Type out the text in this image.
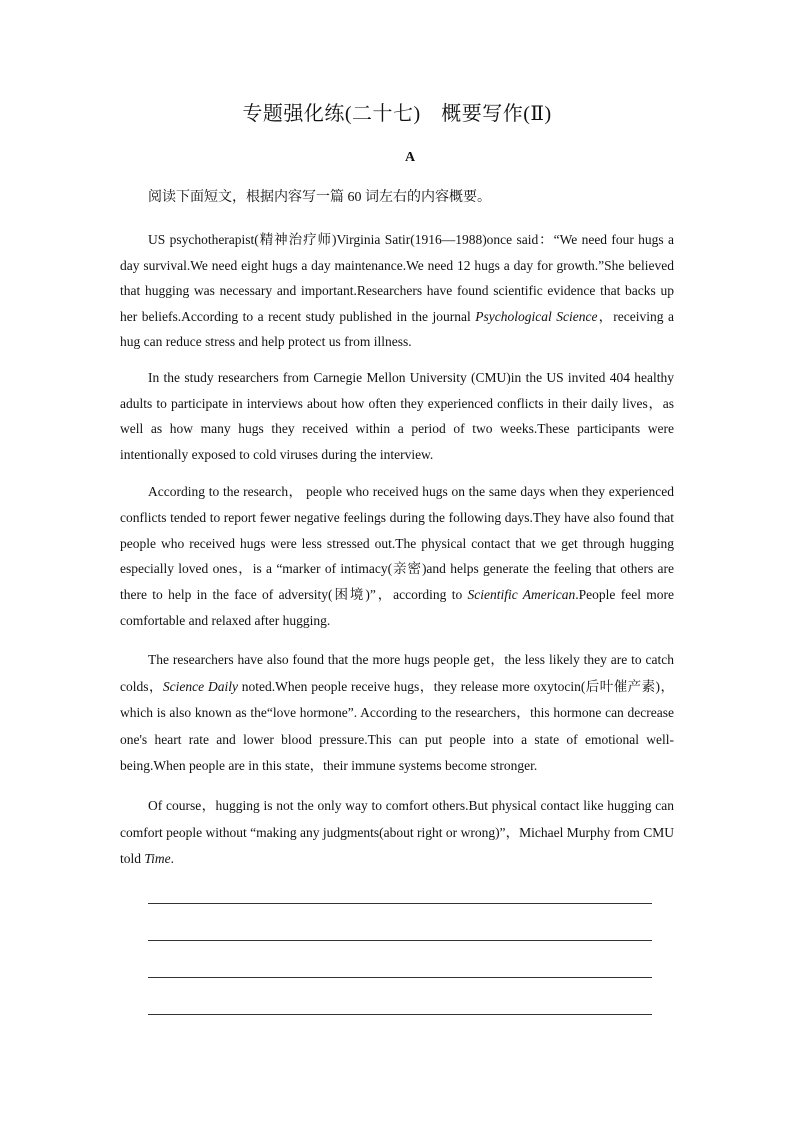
专题强化练(二十七)　概要写作(Ⅱ)
A
阅读下面短文，根据内容写一篇 60 词左右的内容概要。

US psychotherapist(精神治疗师)Virginia Satir(1916—1988)once said：“We need four hugs a day survival.We need eight hugs a day maintenance.We need 12 hugs a day for growth.”She believed that hugging was necessary and important.Researchers have found scientific evidence that backs up her beliefs.According to a recent study published in the journal Psychological Science，receiving a hug can reduce stress and help protect us from illness.

In the study researchers from Carnegie Mellon University (CMU)in the US invited 404 healthy adults to participate in interviews about how often they experienced conflicts in their daily lives，as well as how many hugs they received within a period of two weeks.These participants were intentionally exposed to cold viruses during the interview.

According to the research， people who received hugs on the same days when they experienced conflicts tended to report fewer negative feelings during the following days.They have also found that people who received hugs were less stressed out.The physical contact that we get through hugging especially loved ones，is a “marker of intimacy(亲密)and helps generate the feeling that others are there to help in the face of adversity(困境)”，according to Scientific American.People feel more comfortable and relaxed after hugging.

The researchers have also found that the more hugs people get，the less likely they are to catch colds，Science Daily noted.When people receive hugs，they release more oxytocin(后叶催产素)，which is also known as the“love hormone”. According to the researchers，this hormone can decrease one's heart rate and lower blood pressure.This can put people into a state of emotional well-being.When people are in this state，their immune systems become stronger.

Of course，hugging is not the only way to comfort others.But physical contact like hugging can comfort people without “making any judgments(about right or wrong)”，Michael Murphy from CMU told Time.
